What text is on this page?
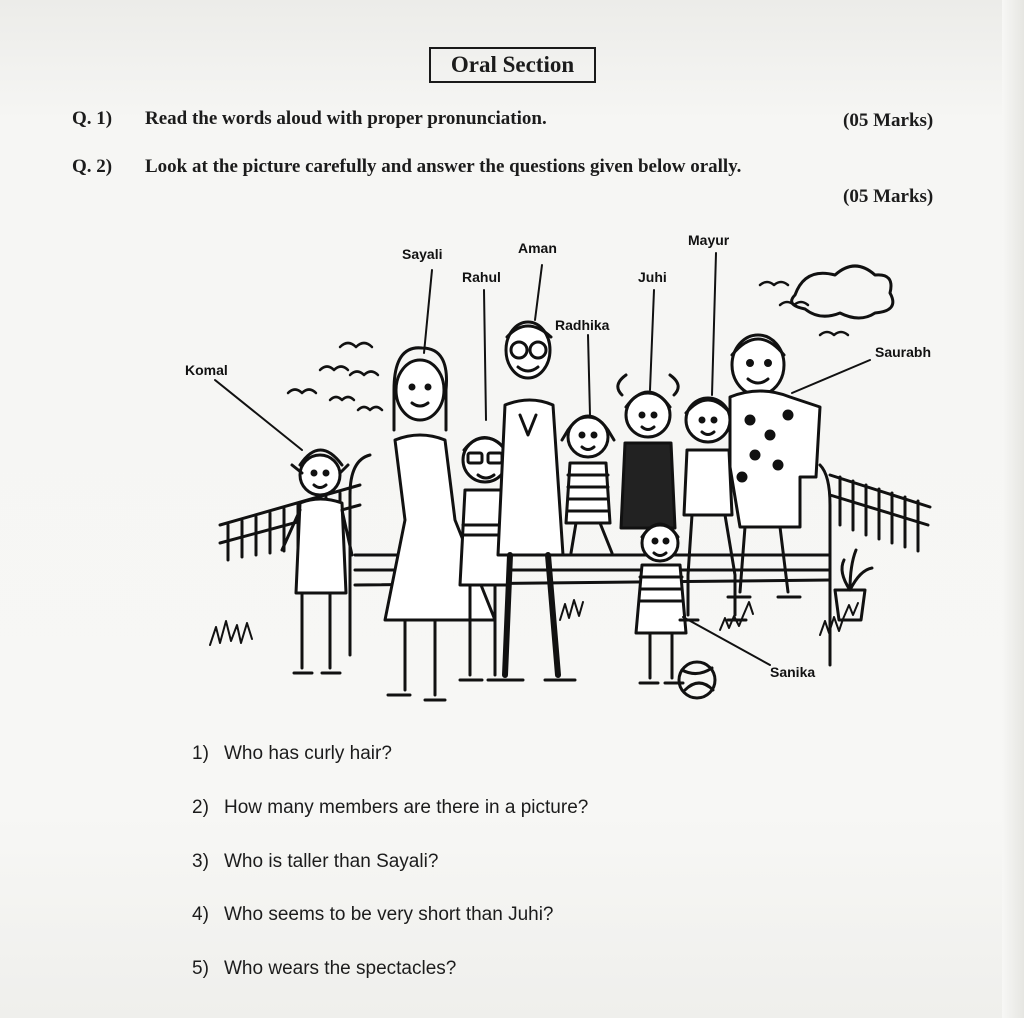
Oral Section
Q. 1) Read the words aloud with proper pronunciation.	(05 Marks)
Q. 2) Look at the picture carefully and answer the questions given below orally.
(05 Marks)
Komal
Sayali
Rahul
Aman
Radhika
Juhi
Mayur
Saurabh
Sanika
1) Who has curly hair?
2) How many members are there in a picture?
3) Who is taller than Sayali?
4) Who seems to be very short than Juhi?
5) Who wears the spectacles?
